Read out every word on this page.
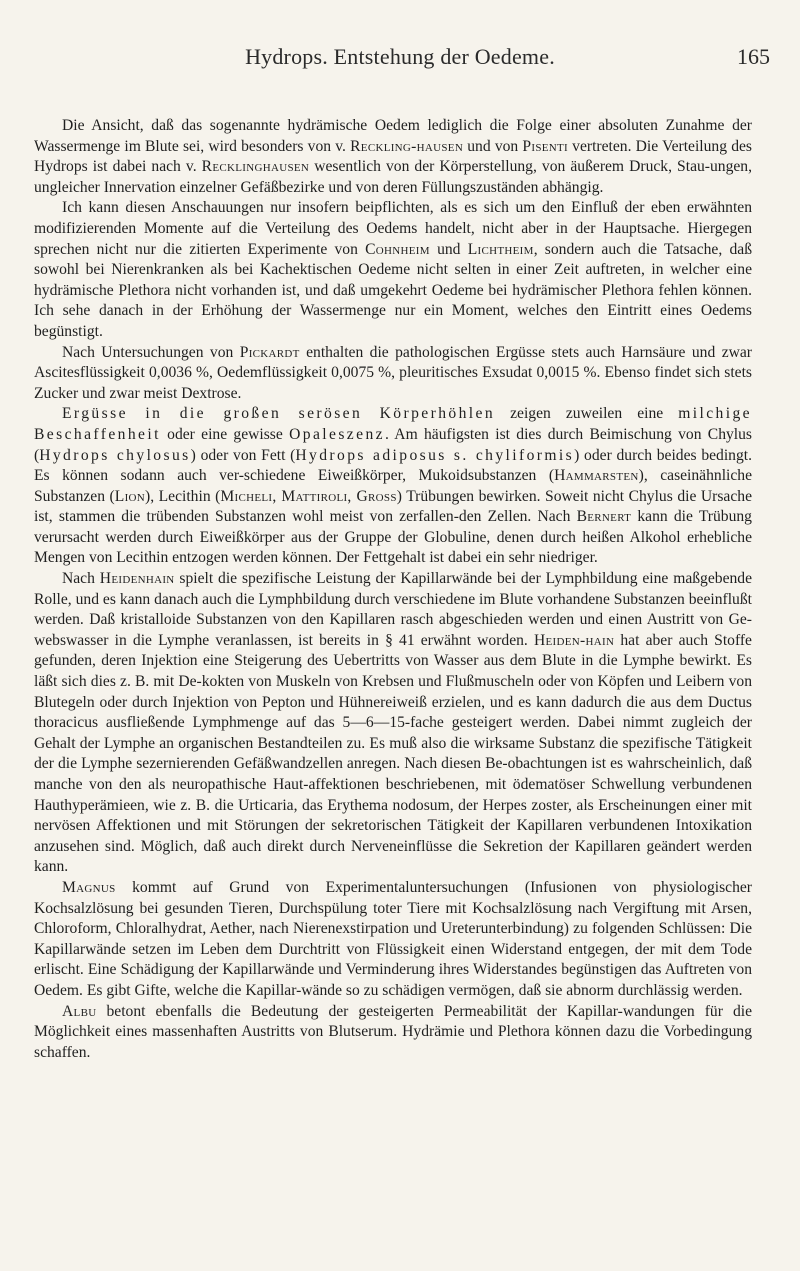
Hydrops. Entstehung der Oedeme.	165

Die Ansicht, daß das sogenannte hydrämische Oedem lediglich die Folge einer absoluten Zunahme der Wassermenge im Blute sei, wird besonders von v. Reckling-hausen und von Pisenti vertreten. Die Verteilung des Hydrops ist dabei nach v. Recklinghausen wesentlich von der Körperstellung, von äußerem Druck, Stau-ungen, ungleicher Innervation einzelner Gefäßbezirke und von deren Füllungszuständen abhängig.

Ich kann diesen Anschauungen nur insofern beipflichten, als es sich um den Einfluß der eben erwähnten modifizierenden Momente auf die Verteilung des Oedems handelt, nicht aber in der Hauptsache. Hiergegen sprechen nicht nur die zitierten Experimente von Cohnheim und Lichtheim, sondern auch die Tatsache, daß sowohl bei Nierenkranken als bei Kachektischen Oedeme nicht selten in einer Zeit auftreten, in welcher eine hydrämische Plethora nicht vorhanden ist, und daß umgekehrt Oedeme bei hydrämischer Plethora fehlen können. Ich sehe danach in der Erhöhung der Wassermenge nur ein Moment, welches den Eintritt eines Oedems begünstigt.

Nach Untersuchungen von Pickardt enthalten die pathologischen Ergüsse stets auch Harnsäure und zwar Ascitesflüssigkeit 0,0036 %, Oedemflüssigkeit 0,0075 %, pleuritisches Exsudat 0,0015 %. Ebenso findet sich stets Zucker und zwar meist Dextrose.

Ergüsse in die großen serösen Körperhöhlen zeigen zuweilen eine milchige Beschaffenheit oder eine gewisse Opaleszenz. Am häufigsten ist dies durch Beimischung von Chylus (Hydrops chylosus) oder von Fett (Hydrops adiposus s. chyliformis) oder durch beides bedingt. Es können sodann auch ver-schiedene Eiweißkörper, Mukoidsubstanzen (Hammarsten), caseinähnliche Substanzen (Lion), Lecithin (Micheli, Mattiroli, Gross) Trübungen bewirken. Soweit nicht Chylus die Ursache ist, stammen die trübenden Substanzen wohl meist von zerfallen-den Zellen. Nach Bernert kann die Trübung verursacht werden durch Eiweißkörper aus der Gruppe der Globuline, denen durch heißen Alkohol erhebliche Mengen von Lecithin entzogen werden können. Der Fettgehalt ist dabei ein sehr niedriger.

Nach Heidenhain spielt die spezifische Leistung der Kapillarwände bei der Lymphbildung eine maßgebende Rolle, und es kann danach auch die Lymphbildung durch verschiedene im Blute vorhandene Substanzen beeinflußt werden. Daß kristalloide Substanzen von den Kapillaren rasch abgeschieden werden und einen Austritt von Ge-webswasser in die Lymphe veranlassen, ist bereits in § 41 erwähnt worden. Heiden-hain hat aber auch Stoffe gefunden, deren Injektion eine Steigerung des Uebertritts von Wasser aus dem Blute in die Lymphe bewirkt. Es läßt sich dies z. B. mit De-kokten von Muskeln von Krebsen und Flußmuscheln oder von Köpfen und Leibern von Blutegeln oder durch Injektion von Pepton und Hühnereiweiß erzielen, und es kann dadurch die aus dem Ductus thoracicus ausfließende Lymphmenge auf das 5—6—15-fache gesteigert werden. Dabei nimmt zugleich der Gehalt der Lymphe an organischen Bestandteilen zu. Es muß also die wirksame Substanz die spezifische Tätigkeit der die Lymphe sezernierenden Gefäßwandzellen anregen. Nach diesen Be-obachtungen ist es wahrscheinlich, daß manche von den als neuropathische Haut-affektionen beschriebenen, mit ödematöser Schwellung verbundenen Hauthyperämieen, wie z. B. die Urticaria, das Erythema nodosum, der Herpes zoster, als Erscheinungen einer mit nervösen Affektionen und mit Störungen der sekretorischen Tätigkeit der Kapillaren verbundenen Intoxikation anzusehen sind. Möglich, daß auch direkt durch Nerveneinflüsse die Sekretion der Kapillaren geändert werden kann.

Magnus kommt auf Grund von Experimentaluntersuchungen (Infusionen von physiologischer Kochsalzlösung bei gesunden Tieren, Durchspülung toter Tiere mit Kochsalzlösung nach Vergiftung mit Arsen, Chloroform, Chloralhydrat, Aether, nach Nierenexstirpation und Ureterunterbindung) zu folgenden Schlüssen: Die Kapillarwände setzen im Leben dem Durchtritt von Flüssigkeit einen Widerstand entgegen, der mit dem Tode erlischt. Eine Schädigung der Kapillarwände und Verminderung ihres Widerstandes begünstigen das Auftreten von Oedem. Es gibt Gifte, welche die Kapillar-wände so zu schädigen vermögen, daß sie abnorm durchlässig werden.

Albu betont ebenfalls die Bedeutung der gesteigerten Permeabilität der Kapillar-wandungen für die Möglichkeit eines massenhaften Austritts von Blutserum. Hydrämie und Plethora können dazu die Vorbedingung schaffen.
